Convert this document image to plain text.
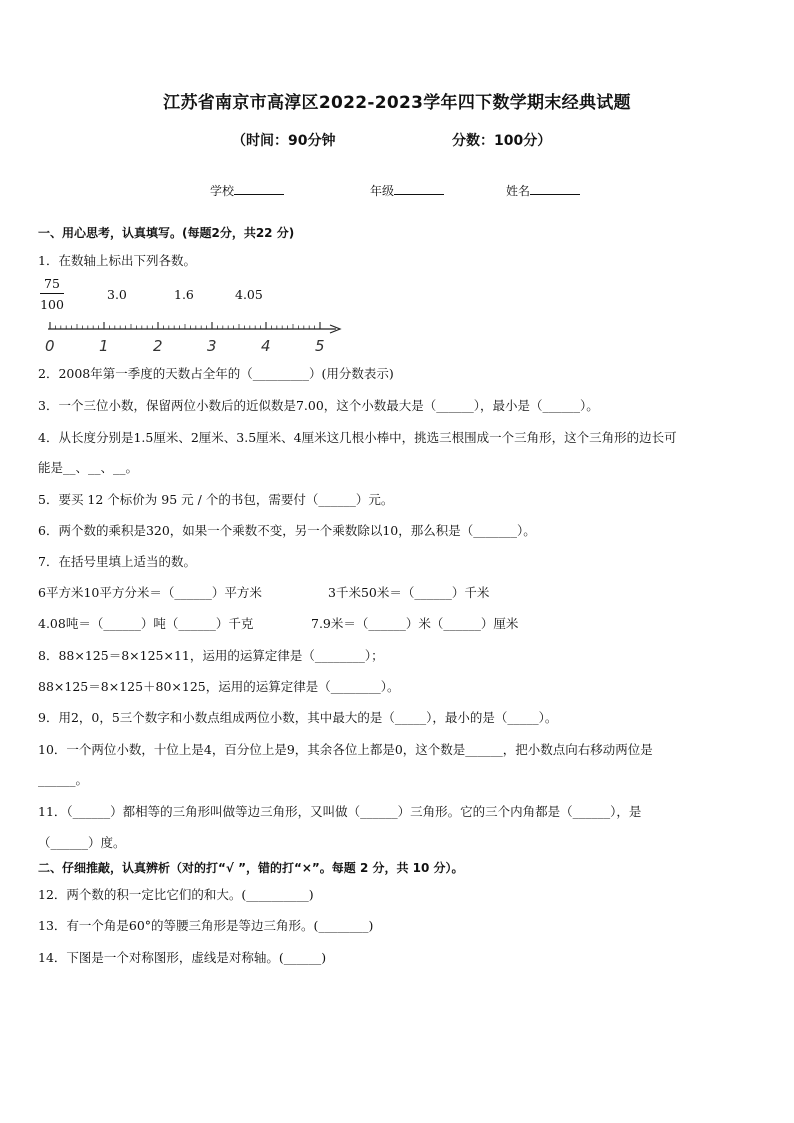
江苏省南京市高淳区2022-2023学年四下数学期末经典试题
（时间：90分钟	分数：100分）
学校	年级	姓名
一、用心思考，认真填写。(每题2分，共22 分)
1．在数轴上标出下列各数。
$\frac{75}{100}$	3.0	1.6	4.05
0	1	2	3	4	5
2．2008年第一季度的天数占全年的（_________）(用分数表示)
3．一个三位小数，保留两位小数后的近似数是7.00，这个小数最大是（______），最小是（______）。
4．从长度分别是1.5厘米、2厘米、3.5厘米、4厘米这几根小棒中，挑选三根围成一个三角形，这个三角形的边长可
能是__、__、__。
5．要买 12 个标价为 95 元 / 个的书包，需要付（______）元。
6．两个数的乘积是320，如果一个乘数不变，另一个乘数除以10，那么积是（_______）。
7．在括号里填上适当的数。
6平方米10平方分米＝（______）平方米	3千米50米＝（______）千米
4.08吨＝（______）吨（______）千克	7.9米＝（______）米（______）厘米
8．88×125＝8×125×11，运用的运算定律是（________）；
88×125＝8×125＋80×125，运用的运算定律是（________）。
9．用2，0，5三个数字和小数点组成两位小数，其中最大的是（_____），最小的是（_____）。
10．一个两位小数，十位上是4，百分位上是9，其余各位上都是0，这个数是______，把小数点向右移动两位是
______。
11．（______）都相等的三角形叫做等边三角形，又叫做（______）三角形。它的三个内角都是（______），是
（______）度。
二、仔细推敲，认真辨析（对的打“√ ”，错的打“×”。每题 2 分，共 10 分）。
12．两个数的积一定比它们的和大。(__________)
13．有一个角是60°的等腰三角形是等边三角形。(________)
14．下图是一个对称图形，虚线是对称轴。(______)
